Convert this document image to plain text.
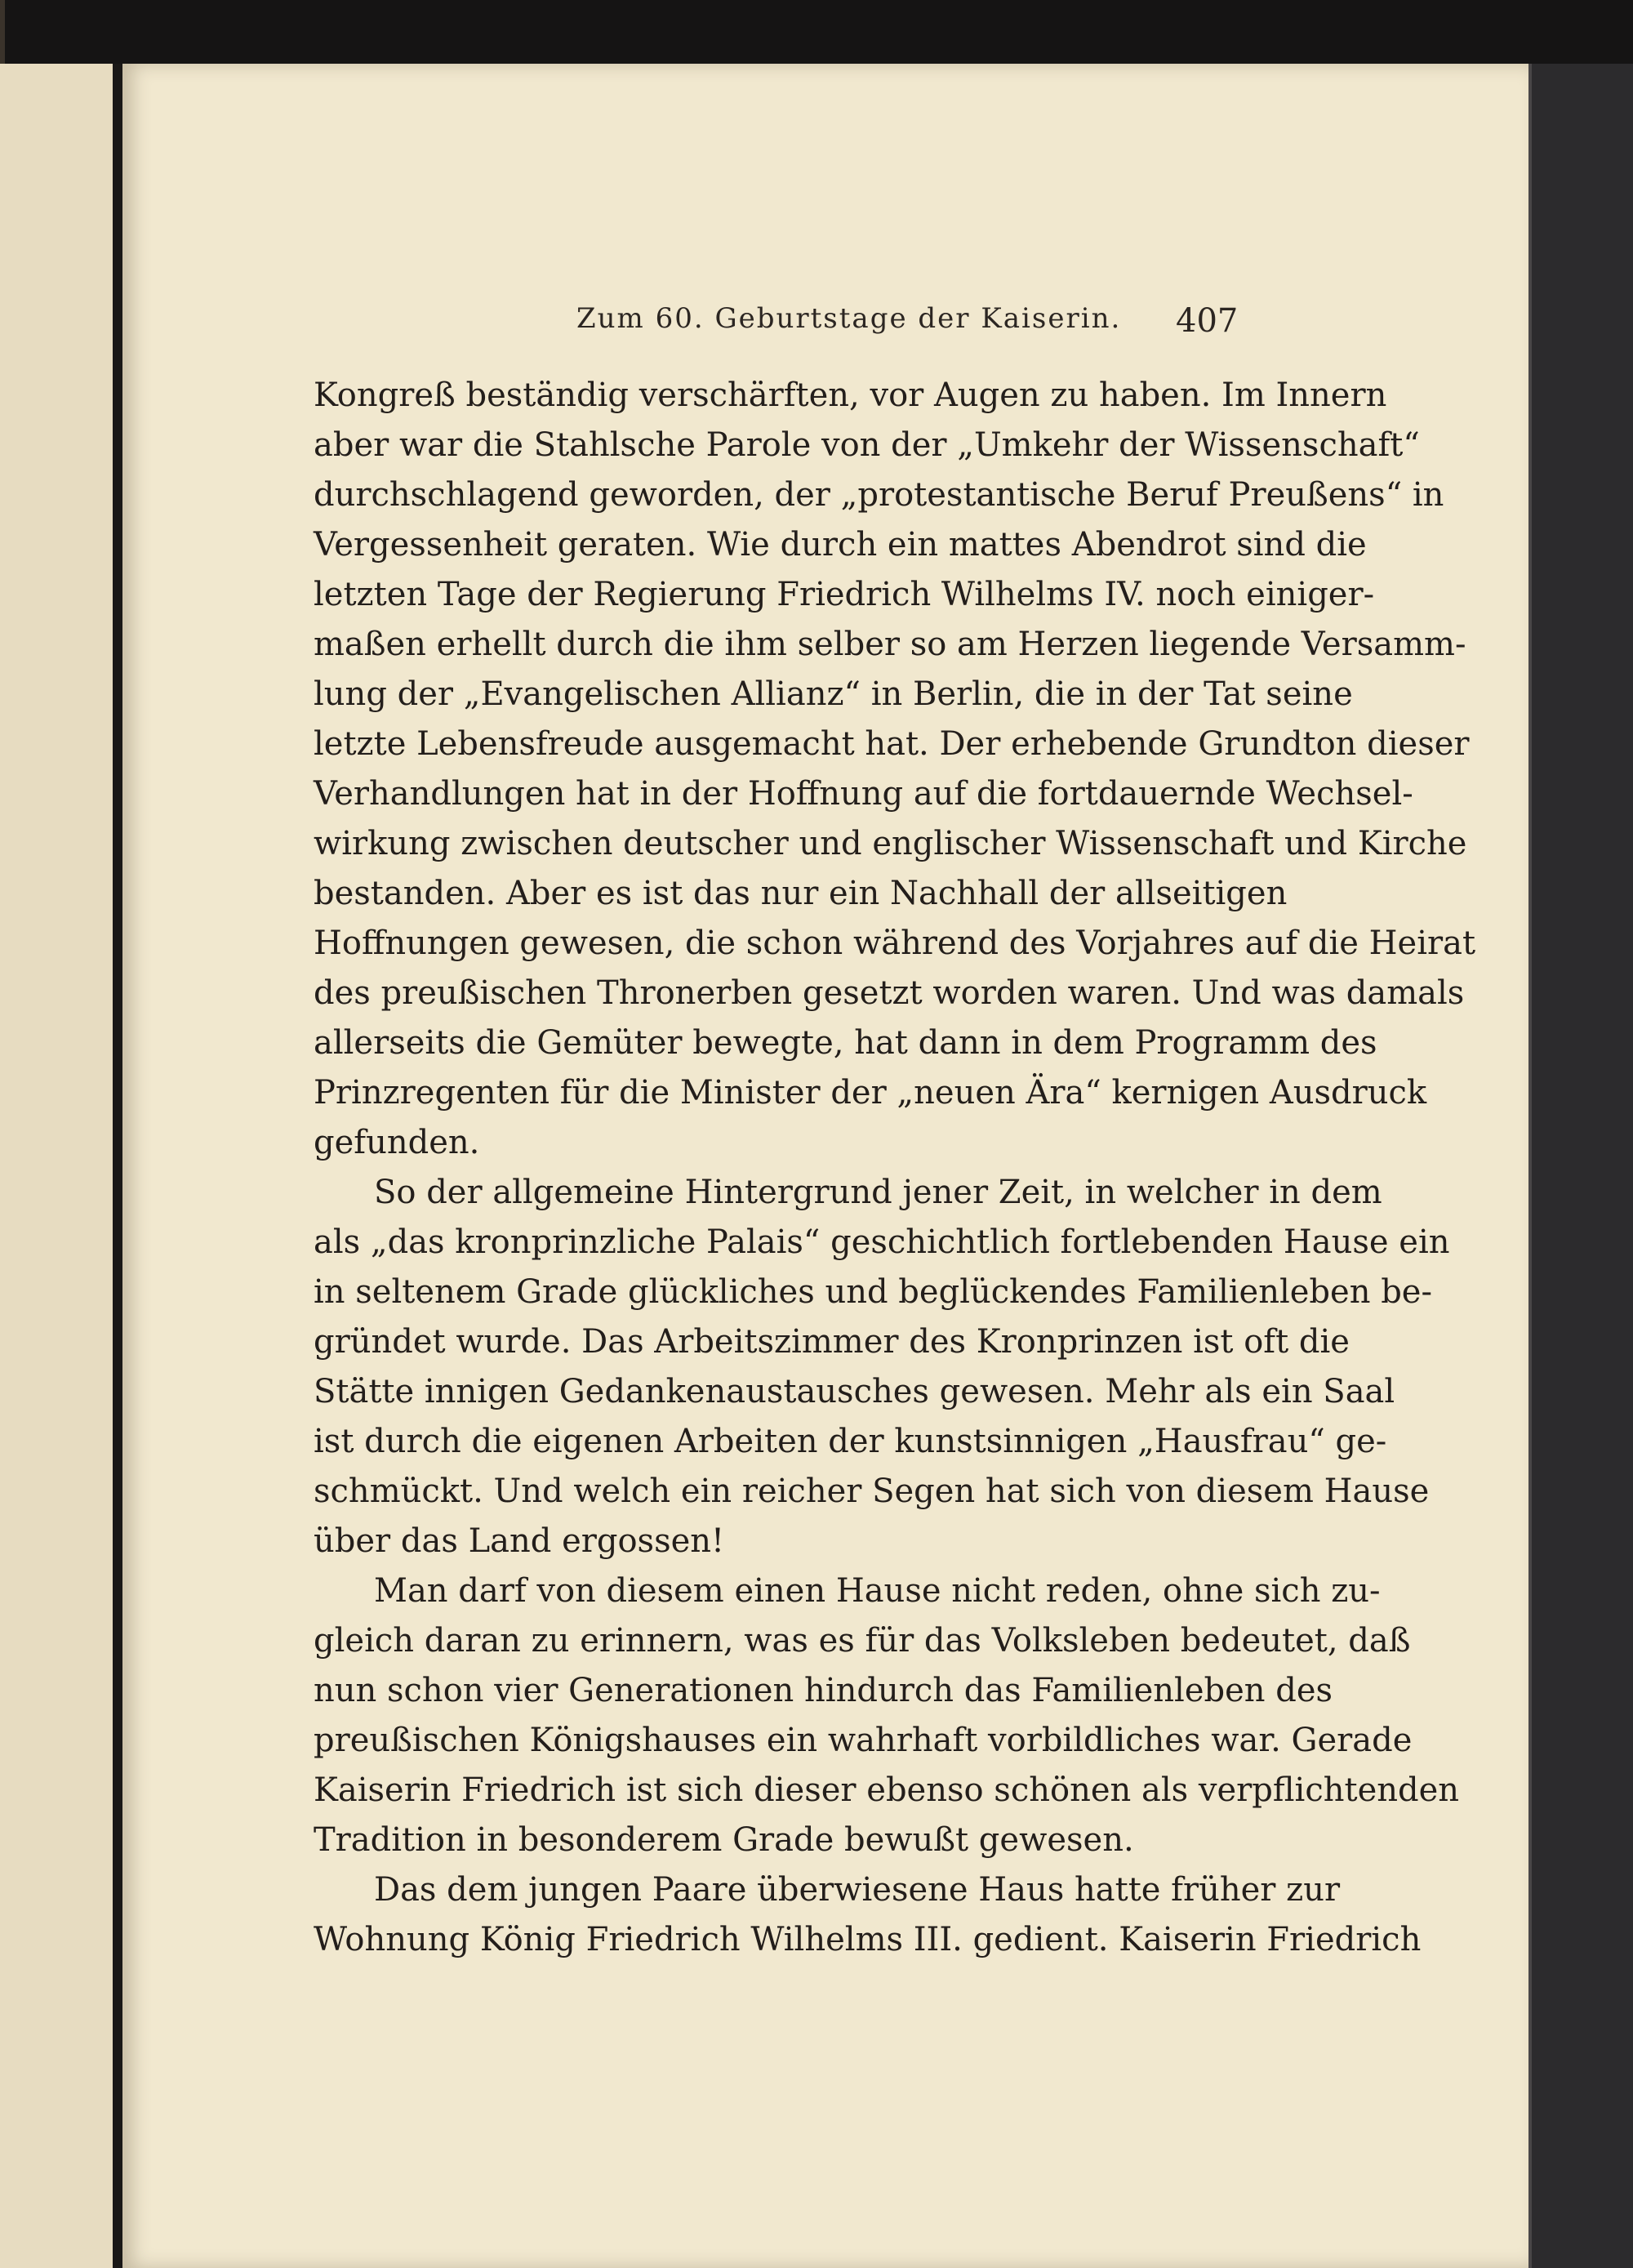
Zum 60. Geburtstage der Kaiserin. 407
Kongreß beständig verschärften, vor Augen zu haben. Im Innern
aber war die Stahlsche Parole von der „Umkehr der Wissenschaft“
durchschlagend geworden, der „protestantische Beruf Preußens“ in
Vergessenheit geraten. Wie durch ein mattes Abendrot sind die
letzten Tage der Regierung Friedrich Wilhelms IV. noch einiger-
maßen erhellt durch die ihm selber so am Herzen liegende Versamm-
lung der „Evangelischen Allianz“ in Berlin, die in der Tat seine
letzte Lebensfreude ausgemacht hat. Der erhebende Grundton dieser
Verhandlungen hat in der Hoffnung auf die fortdauernde Wechsel-
wirkung zwischen deutscher und englischer Wissenschaft und Kirche
bestanden. Aber es ist das nur ein Nachhall der allseitigen
Hoffnungen gewesen, die schon während des Vorjahres auf die Heirat
des preußischen Thronerben gesetzt worden waren. Und was damals
allerseits die Gemüter bewegte, hat dann in dem Programm des
Prinzregenten für die Minister der „neuen Ära“ kernigen Ausdruck
gefunden.
So der allgemeine Hintergrund jener Zeit, in welcher in dem
als „das kronprinzliche Palais“ geschichtlich fortlebenden Hause ein
in seltenem Grade glückliches und beglückendes Familienleben be-
gründet wurde. Das Arbeitszimmer des Kronprinzen ist oft die
Stätte innigen Gedankenaustausches gewesen. Mehr als ein Saal
ist durch die eigenen Arbeiten der kunstsinnigen „Hausfrau“ ge-
schmückt. Und welch ein reicher Segen hat sich von diesem Hause
über das Land ergossen!
Man darf von diesem einen Hause nicht reden, ohne sich zu-
gleich daran zu erinnern, was es für das Volksleben bedeutet, daß
nun schon vier Generationen hindurch das Familienleben des
preußischen Königshauses ein wahrhaft vorbildliches war. Gerade
Kaiserin Friedrich ist sich dieser ebenso schönen als verpflichtenden
Tradition in besonderem Grade bewußt gewesen.
Das dem jungen Paare überwiesene Haus hatte früher zur
Wohnung König Friedrich Wilhelms III. gedient. Kaiserin Friedrich
